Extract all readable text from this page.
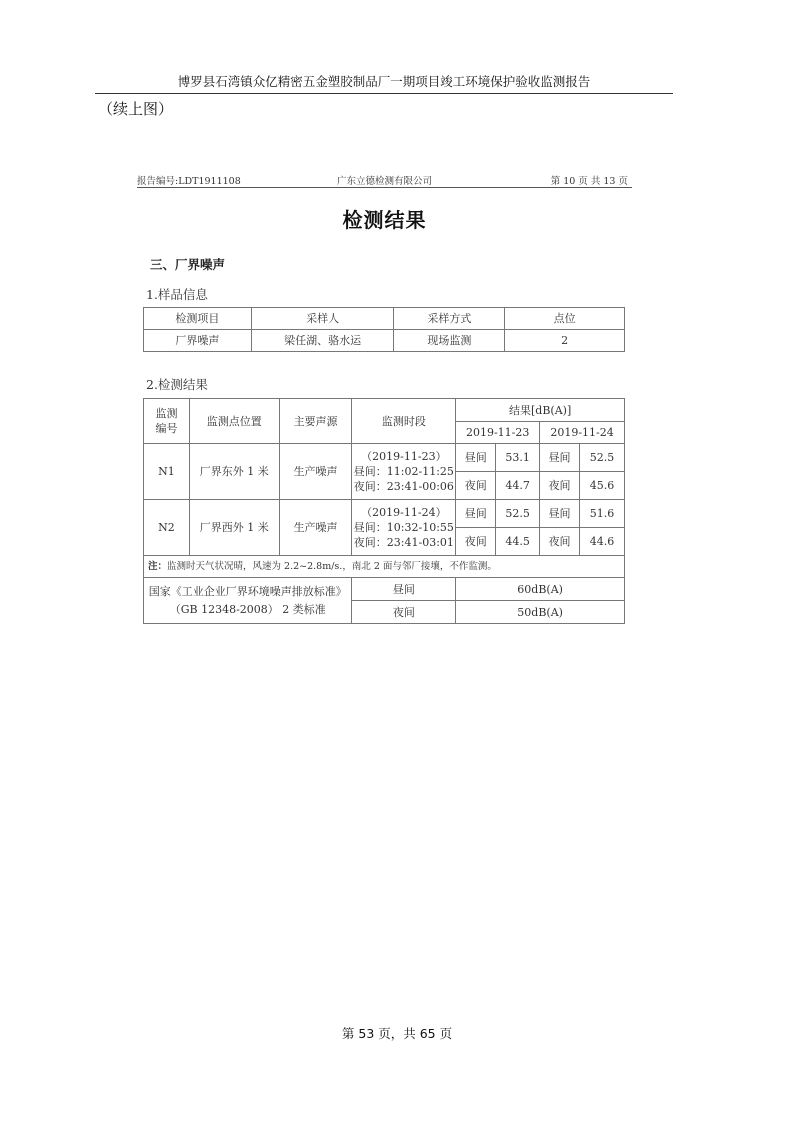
博罗县石湾镇众亿精密五金塑胶制品厂一期项目竣工环境保护验收监测报告
（续上图）
广东立德检测有限公司
报告编号:LDT1911108	第 10 页 共 13 页
检测结果
三、厂界噪声
1.样品信息
检测项目	采样人	采样方式	点位
厂界噪声	梁任湖、骆水运	现场监测	2
2.检测结果
监测编号	监测点位置	主要声源	监测时段	结果[dB(A)]			
				2019-11-23		2019-11-24	
N1	厂界东外 1 米	生产噪声	（2019-11-23）
昼间：11:02-11:25
夜间：23:41-00:06	昼间	53.1	昼间	52.5
				夜间	44.7	夜间	45.6
N2	厂界西外 1 米	生产噪声	（2019-11-24）
昼间：10:32-10:55
夜间：23:41-03:01	昼间	52.5	昼间	51.6
				夜间	44.5	夜间	44.6
注：监测时天气状况晴，风速为 2.2~2.8m/s.，南北 2 面与邻厂接壤，不作监测。							

国家《工业企业厂界环境噪声排放标准》
（GB 12348-2008） 2 类标准			昼间	60dB(A)			
			夜间	50dB(A)			
第 53 页，共 65 页
